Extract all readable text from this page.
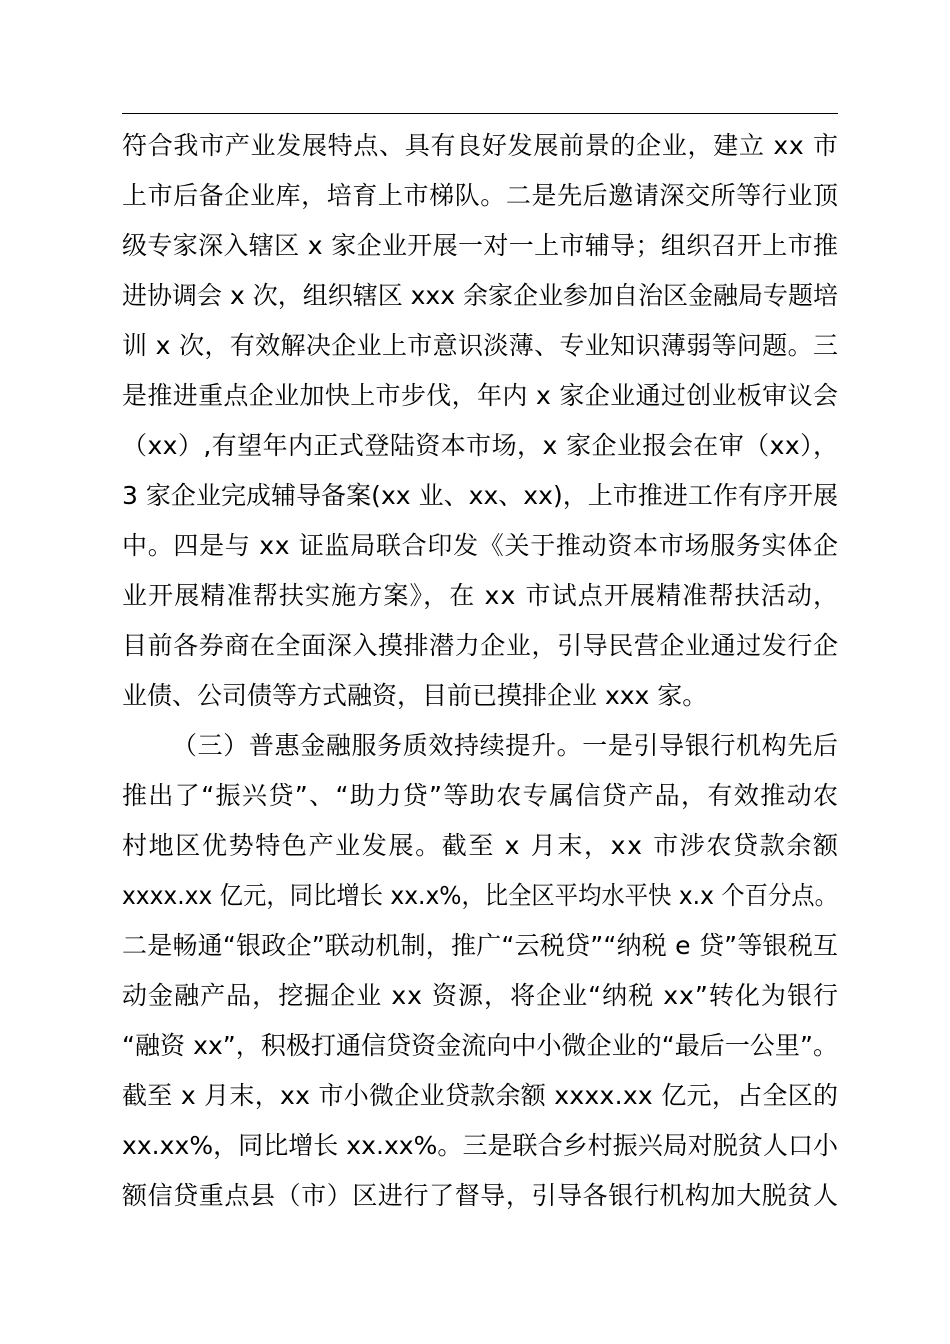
符合我市产业发展特点、具有良好发展前景的企业，建立 xx 市
上市后备企业库，培育上市梯队。二是先后邀请深交所等行业顶
级专家深入辖区 x 家企业开展一对一上市辅导；组织召开上市推
进协调会 x 次，组织辖区 xxx 余家企业参加自治区金融局专题培
训 x 次，有效解决企业上市意识淡薄、专业知识薄弱等问题。三
是推进重点企业加快上市步伐，年内 x 家企业通过创业板审议会
（xx）,有望年内正式登陆资本市场，x 家企业报会在审（xx），
3 家企业完成辅导备案(xx 业、xx、xx)，上市推进工作有序开展
中。四是与 xx 证监局联合印发《关于推动资本市场服务实体企
业开展精准帮扶实施方案》，在 xx 市试点开展精准帮扶活动，
目前各券商在全面深入摸排潜力企业，引导民营企业通过发行企
业债、公司债等方式融资，目前已摸排企业 xxx 家。
（三）普惠金融服务质效持续提升。一是引导银行机构先后
推出了“振兴贷”、“助力贷”等助农专属信贷产品，有效推动农
村地区优势特色产业发展。截至 x 月末，xx 市涉农贷款余额
xxxx.xx 亿元，同比增长 xx.x%，比全区平均水平快 x.x 个百分点。
二是畅通“银政企”联动机制，推广“云税贷”“纳税 e 贷”等银税互
动金融产品，挖掘企业 xx 资源，将企业“纳税 xx”转化为银行
“融资 xx”，积极打通信贷资金流向中小微企业的“最后一公里”。
截至 x 月末，xx 市小微企业贷款余额 xxxx.xx 亿元，占全区的
xx.xx%，同比增长 xx.xx%。三是联合乡村振兴局对脱贫人口小
额信贷重点县（市）区进行了督导，引导各银行机构加大脱贫人
